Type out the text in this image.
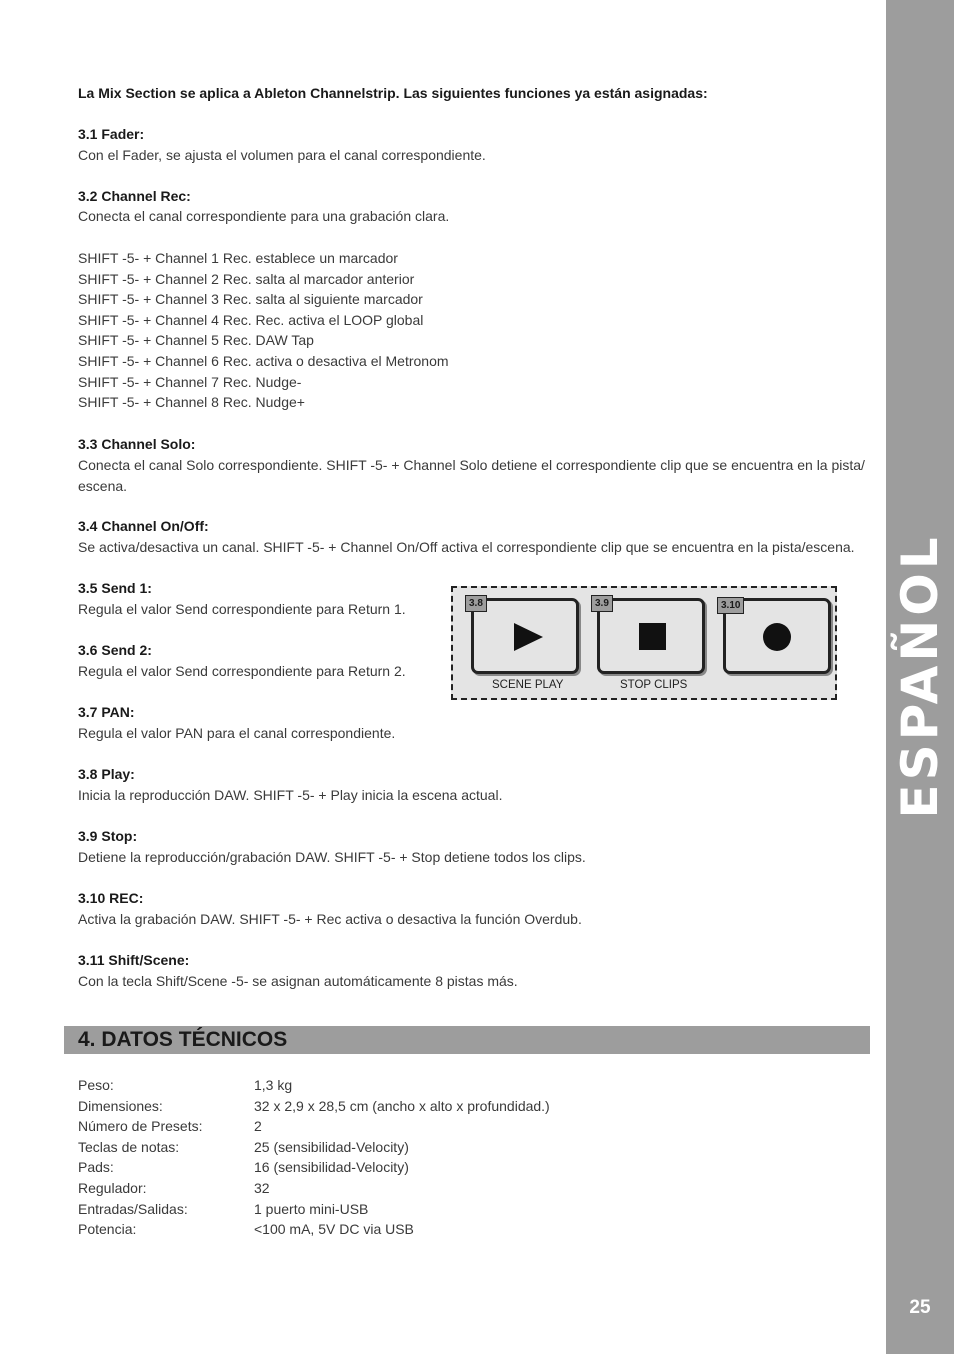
ESPAÑOL
25
La Mix Section se aplica a Ableton Channelstrip. Las siguientes funciones ya están asignadas:
3.1 Fader:
Con el Fader, se ajusta el volumen para el canal correspondiente.
3.2 Channel Rec:
Conecta el canal correspondiente para una grabación clara.
SHIFT -5- + Channel 1 Rec. establece un marcador
SHIFT -5- + Channel 2 Rec. salta al marcador anterior
SHIFT -5- + Channel 3 Rec. salta al siguiente marcador
SHIFT -5- + Channel 4 Rec. Rec. activa el LOOP global
SHIFT -5- + Channel 5 Rec. DAW Tap
SHIFT -5- + Channel 6 Rec. activa o desactiva el Metronom
SHIFT -5- + Channel 7 Rec. Nudge-
SHIFT -5- + Channel 8 Rec. Nudge+
3.3 Channel Solo:
Conecta el canal Solo correspondiente. SHIFT -5- + Channel Solo detiene el correspondiente clip que se encuentra en la pista/ escena.
3.4 Channel On/Off:
Se activa/desactiva un canal. SHIFT -5- + Channel On/Off activa el correspondiente clip que se encuentra en la pista/escena.
3.5 Send 1:
Regula el valor Send correspondiente para Return 1.
3.6 Send 2:
Regula el valor Send correspondiente para Return 2.
3.7 PAN:
Regula el valor PAN para el canal correspondiente.
3.8 Play:
Inicia la reproducción DAW. SHIFT -5- + Play inicia la escena actual.
3.9 Stop:
Detiene la reproducción/grabación DAW. SHIFT -5- + Stop detiene todos los clips.
3.10 REC:
Activa la grabación DAW. SHIFT -5- + Rec activa o desactiva la función Overdub.
3.11 Shift/Scene:
Con la tecla Shift/Scene -5- se asignan automáticamente 8 pistas más.
3.8	3.9	3.10
SCENE PLAY	STOP CLIPS
4. DATOS TÉCNICOS
Peso:	1,3 kg
Dimensiones:	32 x 2,9 x 28,5 cm (ancho x alto x profundidad.)
Número de Presets:	2
Teclas de notas:	25 (sensibilidad-Velocity)
Pads:	16 (sensibilidad-Velocity)
Regulador:	32
Entradas/Salidas:	1 puerto mini-USB
Potencia:	<100 mA, 5V DC via USB
